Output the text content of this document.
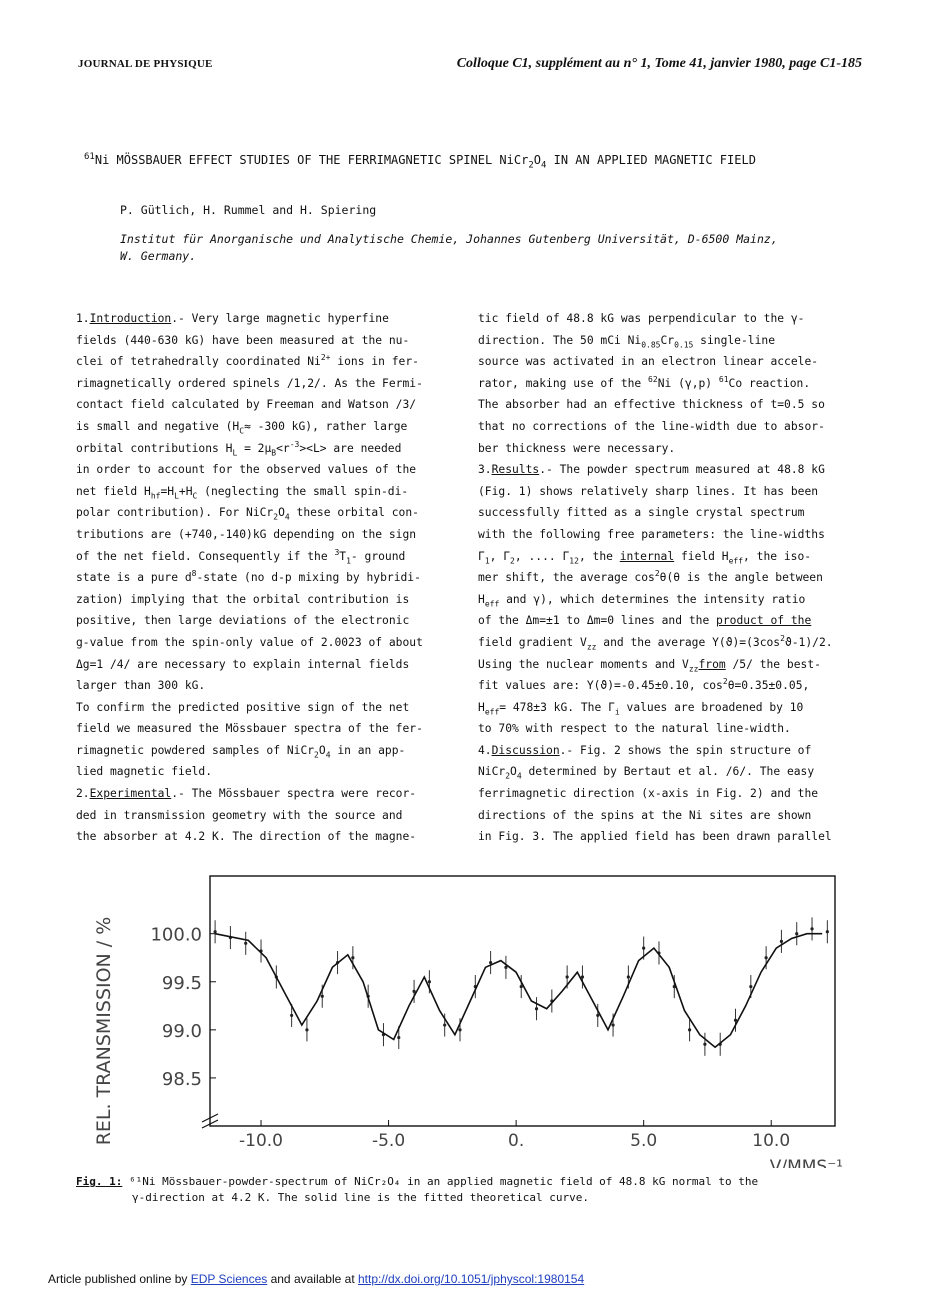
JOURNAL DE PHYSIQUE	Colloque C1, supplément au n° 1, Tome 41, janvier 1980, page C1-185
$^{61}$Ni MÖSSBAUER EFFECT STUDIES OF THE FERRIMAGNETIC SPINEL $NiCr_2O_4$ IN AN APPLIED MAGNETIC FIELD
P. Gütlich, H. Rummel and H. Spiering
Institut für Anorganische und Analytische Chemie, Johannes Gutenberg Universität, D-6500 Mainz,
W. Germany.

1.Introduction.- Very large magnetic hyperfine

fields (440-630 kG) have been measured at the nu-

clei of tetrahedrally coordinated $Ni^{2+}$ ions in fer-

rimagnetically ordered spinels /1,2/. As the Fermi-

contact field calculated by Freeman and Watson /3/

is small and negative ($H_C\approx -300$ kG), rather large

orbital contributions $H_L = 2\mu_B<r^{-3}><L>$ are needed

in order to account for the observed values of the

net field $H_{hf}=H_L+H_C$ (neglecting the small spin-di-

polar contribution). For $NiCr_2O_4$ these orbital con-

tributions are (+740,-140)kG depending on the sign

of the net field. Consequently if the $^3T_1-$ ground

state is a pure $d^8$-state (no d-p mixing by hybridi-

zation) implying that the orbital contribution is

positive, then large deviations of the electronic

g-value from the spin-only value of 2.0023 of about

Δg=1 /4/ are necessary to explain internal fields

larger than 300 kG.

To confirm the predicted positive sign of the net

field we measured the Mössbauer spectra of the fer-

rimagnetic powdered samples of $NiCr_2O_4$ in an app-

lied magnetic field.

2.Experimental.- The Mössbauer spectra were recor-

ded in transmission geometry with the source and

the absorber at 4.2 K. The direction of the magne-

tic field of 48.8 kG was perpendicular to the γ-

direction. The 50 mCi $Ni_{0.85}Cr_{0.15}$ single-line

source was activated in an electron linear accele-

rator, making use of the $^{62}$Ni (γ,p) $^{61}$Co reaction.

The absorber had an effective thickness of t=0.5 so

that no corrections of the line-width due to absor-

ber thickness were necessary.

3.Results.- The powder spectrum measured at 48.8 kG

(Fig. 1) shows relatively sharp lines. It has been

successfully fitted as a single crystal spectrum

with the following free parameters: the line-widths

$\Gamma_1$, $\Gamma_2$, .... $\Gamma_{12}$, the internal field $H_{eff}$, the iso-

mer shift, the average $\cos^2\theta(\theta$ is the angle between

$H_{eff}$ and γ), which determines the intensity ratio

of the Δm=±1 to Δm=0 lines and the product of the

field gradient $V_{zz}$ and the average $Y(ϑ)=(3\cos^2ϑ-1)/2$.

Using the nuclear moments and $V_{zz}from$ /5/ the best-

fit values are: Y(ϑ)=-0.45±0.10, $\cos^2\theta=0.35\pm 0.05$,

$H_{eff}= 478\pm 3$ kG. The $\Gamma_i$ values are broadened by 10

to 70% with respect to the natural line-width.

4.Discussion.- Fig. 2 shows the spin structure of

$NiCr_2O_4$ determined by Bertaut et al. /6/. The easy

ferrimagnetic direction (x-axis in Fig. 2) and the

directions of the spins at the Ni sites are shown

in Fig. 3. The applied field has been drawn parallel

98.5
99.0
99.5
100.0
-10.0	-5.0	0.	5.0	10.0
V/MMS⁻¹
REL. TRANSMISSION / %
Fig. 1: ⁶¹Ni Mössbauer-powder-spectrum of NiCr₂O₄ in an applied magnetic field of 48.8 kG normal to the
γ-direction at 4.2 K. The solid line is the fitted theoretical curve.
Article published online by EDP Sciences and available at http://dx.doi.org/10.1051/jphyscol:1980154
